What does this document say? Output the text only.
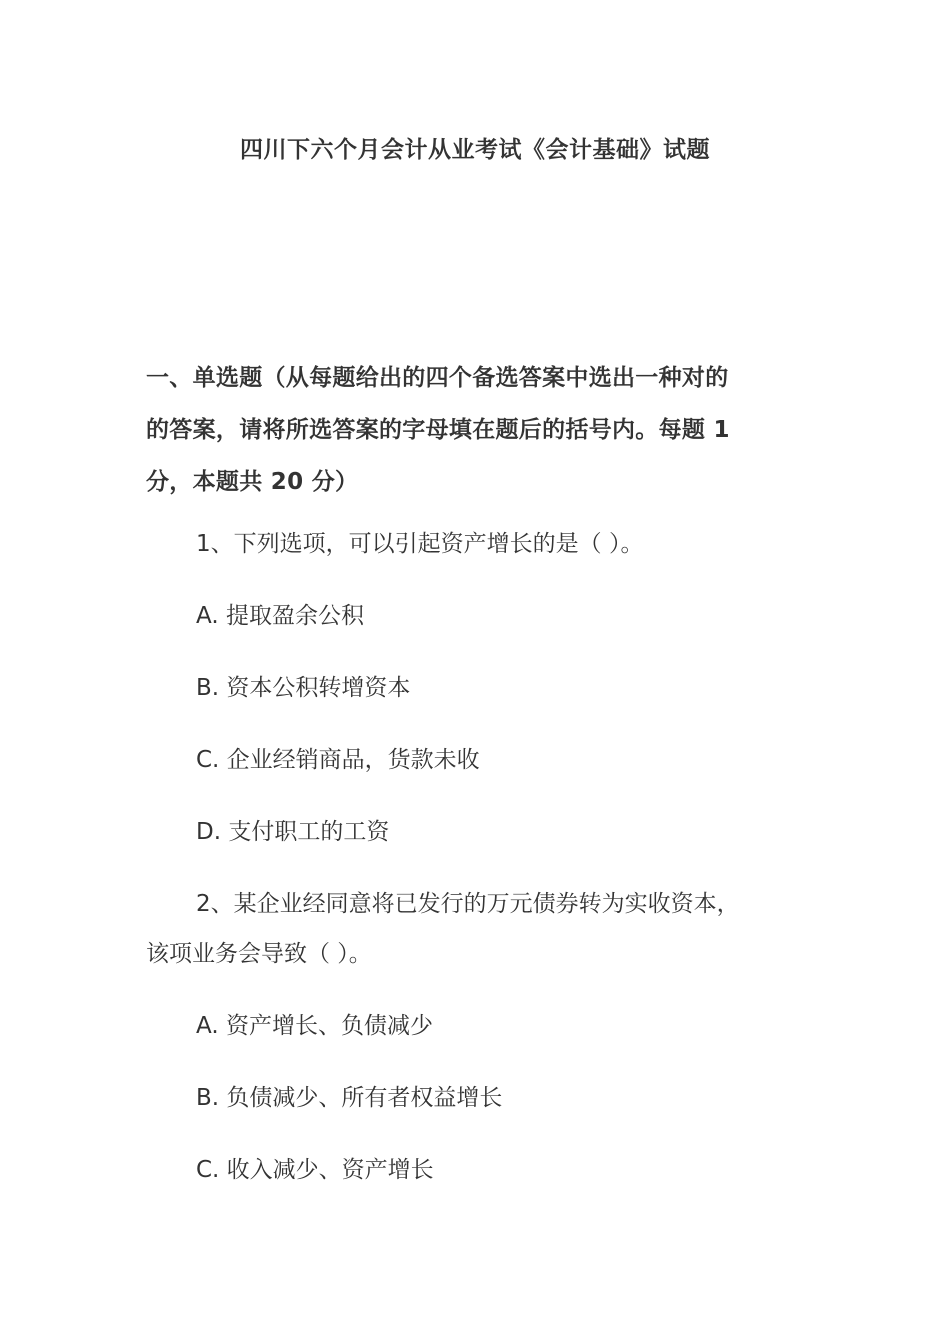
四川下六个月会计从业考试《会计基础》试题
一、单选题（从每题给出的四个备选答案中选出一种对的
的答案，请将所选答案的字母填在题后的括号内。每题 1
分，本题共 20 分）
1、下列选项，可以引起资产增长的是（ ）。
A. 提取盈余公积
B. 资本公积转增资本
C. 企业经销商品，货款未收
D. 支付职工的工资
2、某企业经同意将已发行的万元债券转为实收资本，
该项业务会导致（ ）。
A. 资产增长、负债减少
B. 负债减少、所有者权益增长
C. 收入减少、资产增长
